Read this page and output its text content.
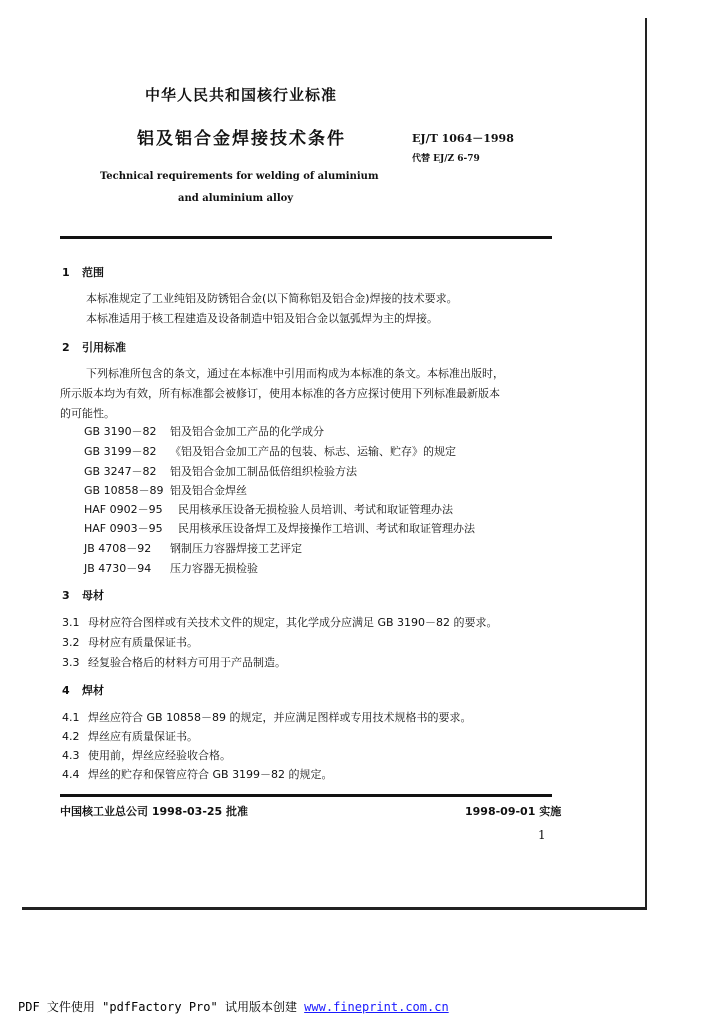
中华人民共和国核行业标准
铝及铝合金焊接技术条件	EJ/T 1064－1998
代替 EJ/Z 6-79
Technical requirements for welding of aluminium
and aluminium alloy
1 范围
本标准规定了工业纯铝及防锈铝合金(以下简称铝及铝合金)焊接的技术要求。
本标准适用于核工程建造及设备制造中铝及铝合金以氩弧焊为主的焊接。
2 引用标准
下列标准所包含的条文，通过在本标准中引用而构成为本标准的条文。本标准出版时，
所示版本均为有效，所有标准都会被修订，使用本标准的各方应探讨使用下列标准最新版本
的可能性。
GB 3190－82 铝及铝合金加工产品的化学成分
GB 3199－82 《铝及铝合金加工产品的包装、标志、运输、贮存》的规定
GB 3247－82 铝及铝合金加工制品低倍组织检验方法
GB 10858－89 铝及铝合金焊丝
HAF 0902－95 民用核承压设备无损检验人员培训、考试和取证管理办法
HAF 0903－95 民用核承压设备焊工及焊接操作工培训、考试和取证管理办法
JB 4708－92 钢制压力容器焊接工艺评定
JB 4730－94 压力容器无损检验
3 母材
3.1 母材应符合图样或有关技术文件的规定，其化学成分应满足 GB 3190－82 的要求。
3.2 母材应有质量保证书。
3.3 经复验合格后的材料方可用于产品制造。
4 焊材
4.1 焊丝应符合 GB 10858－89 的规定，并应满足图样或专用技术规格书的要求。
4.2 焊丝应有质量保证书。
4.3 使用前，焊丝应经验收合格。
4.4 焊丝的贮存和保管应符合 GB 3199－82 的规定。
中国核工业总公司 1998-03-25 批准	1998-09-01 实施
1
PDF 文件使用 "pdfFactory Pro" 试用版本创建 www.fineprint.com.cn
